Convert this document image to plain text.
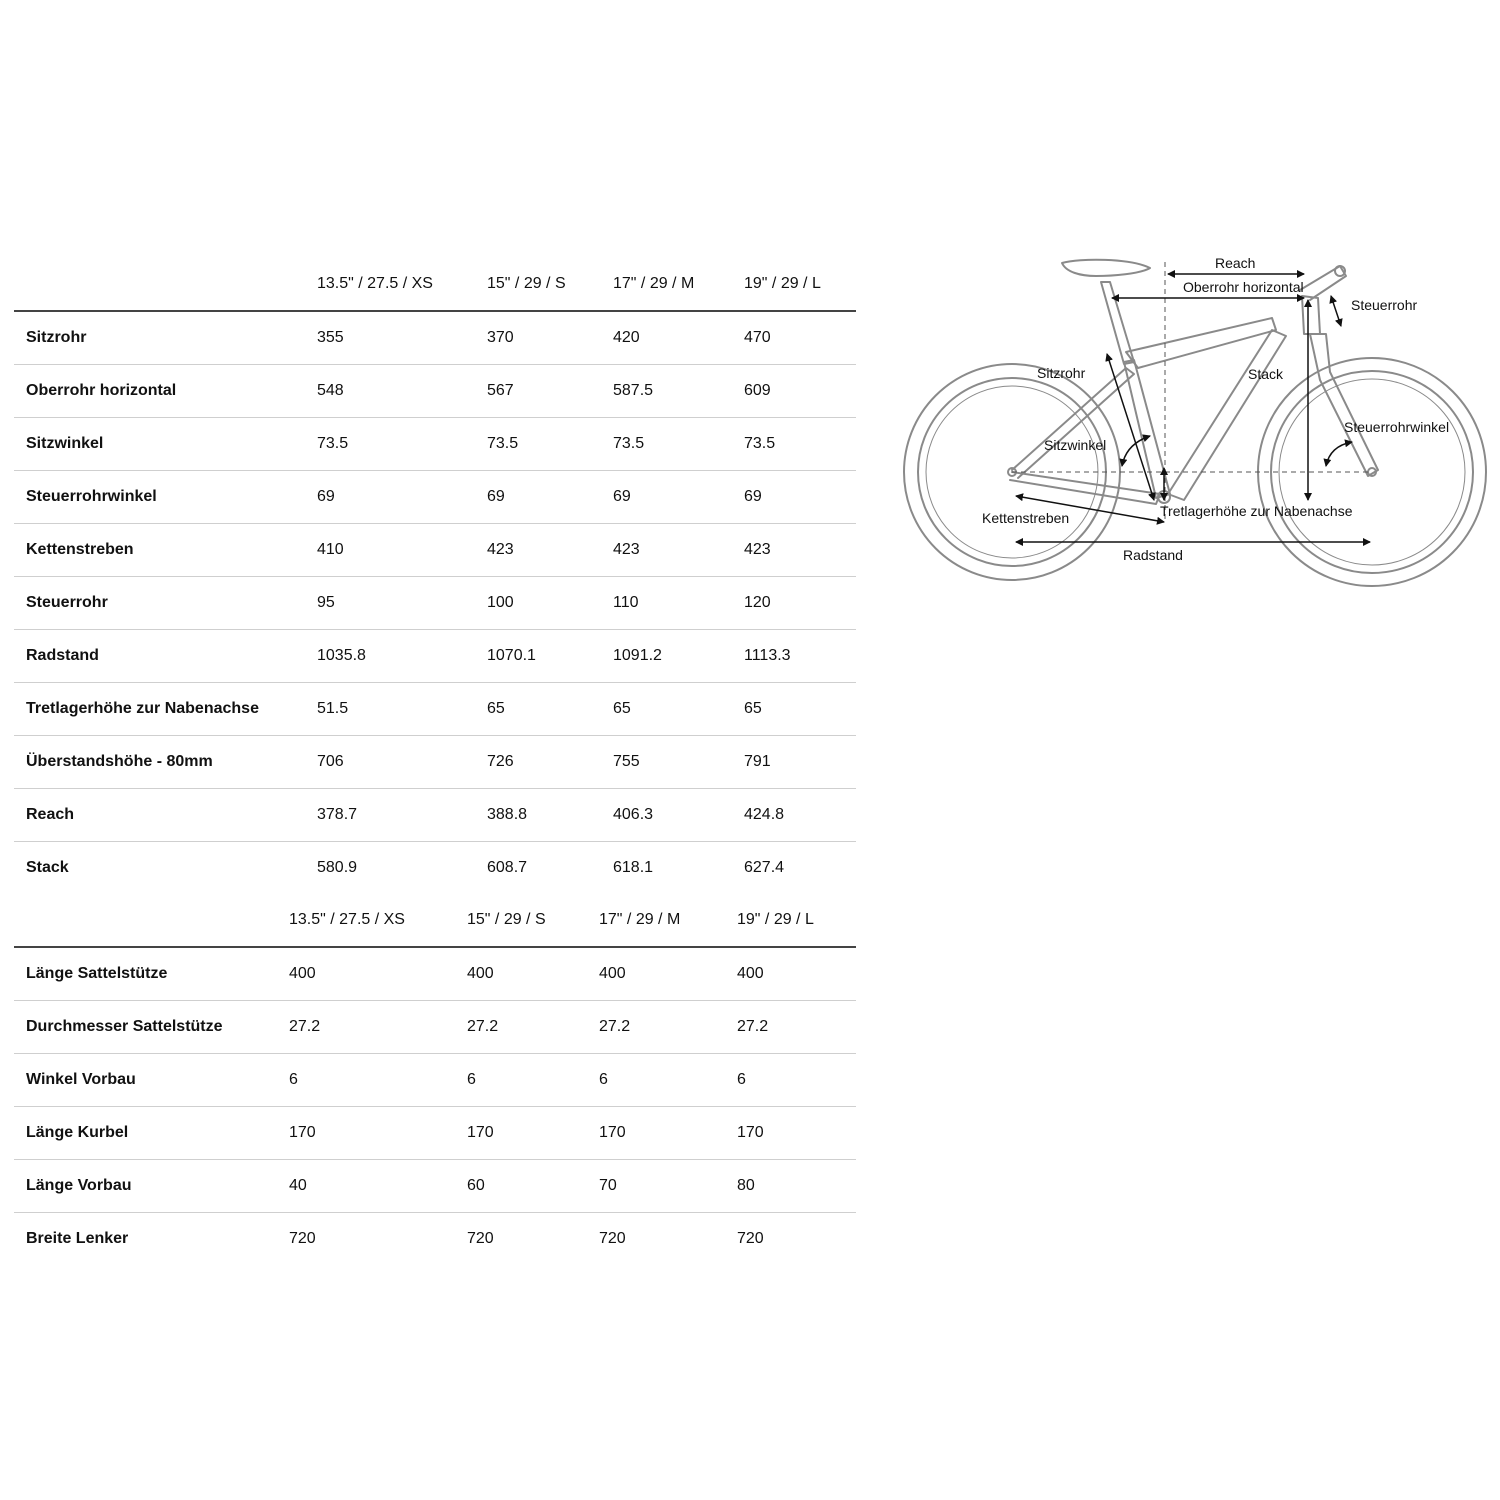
	13.5" / 27.5 / XS	15" / 29 / S	17" / 29 / M	19" / 29 / L
Sitzrohr	355	370	420	470
Oberrohr horizontal	548	567	587.5	609
Sitzwinkel	73.5	73.5	73.5	73.5
Steuerrohrwinkel	69	69	69	69
Kettenstreben	410	423	423	423
Steuerrohr	95	100	110	120
Radstand	1035.8	1070.1	1091.2	1113.3
Tretlagerhöhe zur Nabenachse	51.5	65	65	65
Überstandshöhe - 80mm	706	726	755	791
Reach	378.7	388.8	406.3	424.8
Stack	580.9	608.7	618.1	627.4
	13.5" / 27.5 / XS	15" / 29 / S	17" / 29 / M	19" / 29 / L
Länge Sattelstütze	400	400	400	400
Durchmesser Sattelstütze	27.2	27.2	27.2	27.2
Winkel Vorbau	6	6	6	6
Länge Kurbel	170	170	170	170
Länge Vorbau	40	60	70	80
Breite Lenker	720	720	720	720
Reach
Oberrohr horizontal
Steuerrohr
Sitzrohr	Stack
Steuerrohrwinkel
Sitzwinkel
Kettenstreben	Tretlagerhöhe zur Nabenachse
Radstand
